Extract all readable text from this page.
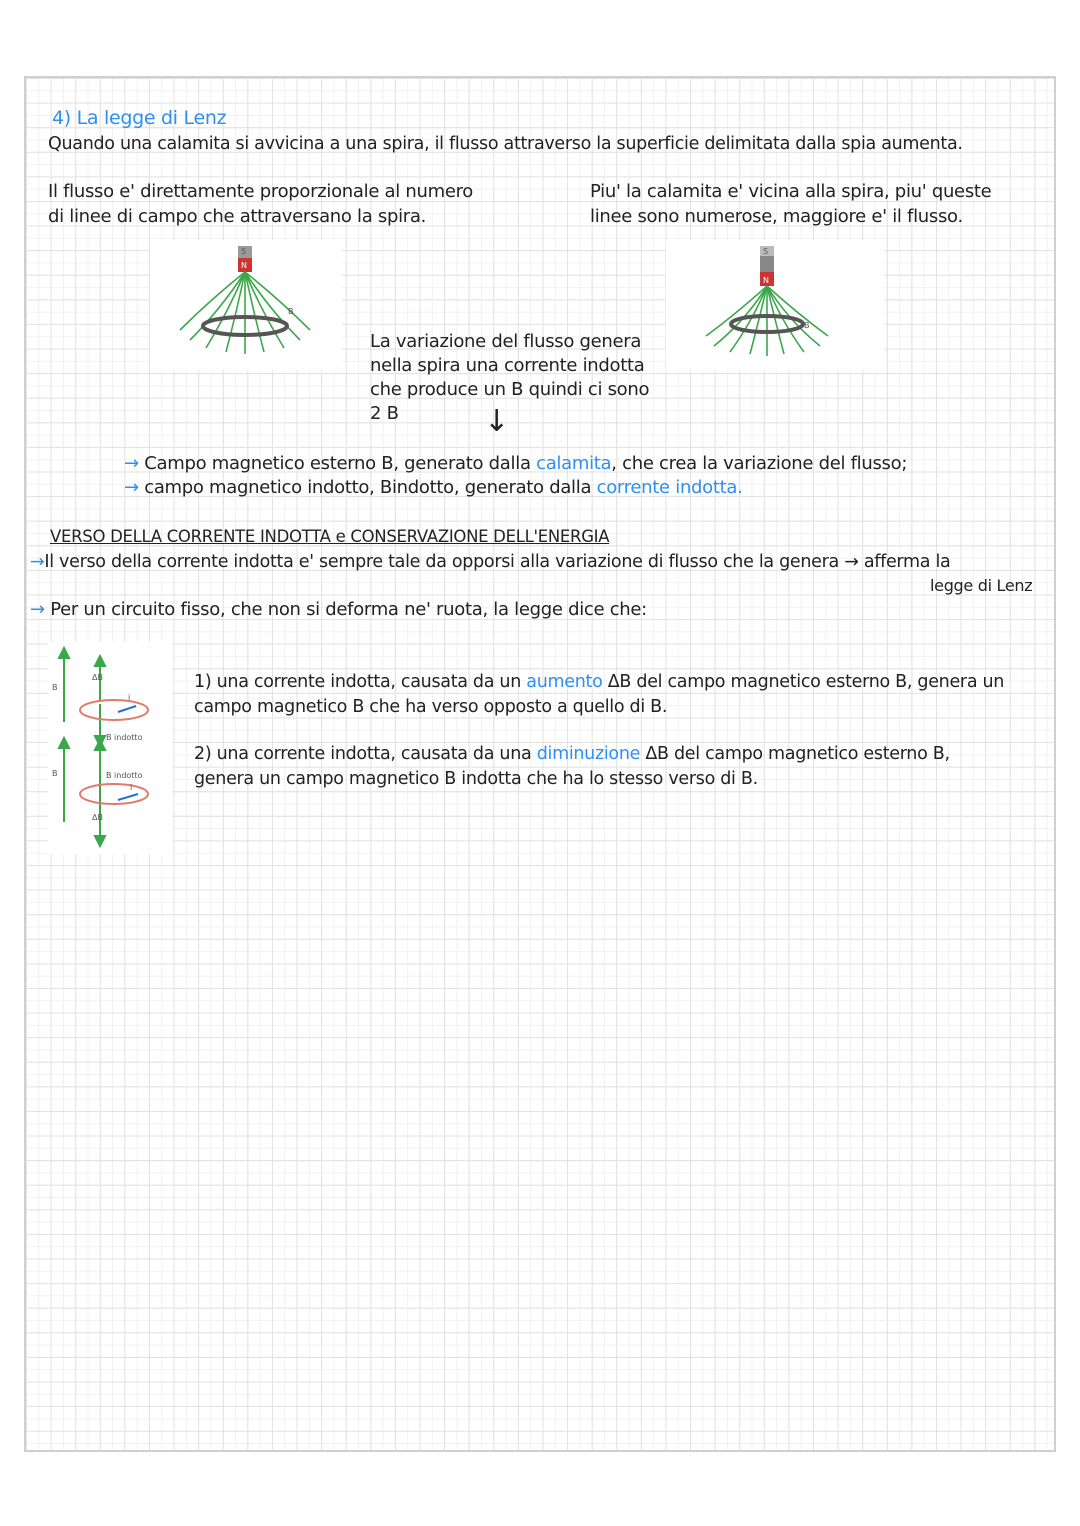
4) La legge di Lenz
Quando una calamita si avvicina a una spira, il flusso attraverso la superficie delimitata dalla spia aumenta.
Il flusso e' direttamente proporzionale al numero
di linee di campo che attraversano la spira.
Piu' la calamita e' vicina alla spira, piu' queste
linee sono numerose, maggiore e' il flusso.
S
N
B
S
N
B
La variazione del flusso genera
nella spira una corrente indotta
che produce un B quindi ci sono
2 B	↓
→ Campo magnetico esterno B, generato dalla calamita, che crea la variazione del flusso;
→ campo magnetico indotto, Bindotto, generato dalla corrente indotta.
VERSO DELLA CORRENTE INDOTTA e CONSERVAZIONE DELL'ENERGIA
→Il verso della corrente indotta e' sempre tale da opporsi alla variazione di flusso che la genera → afferma la
legge di Lenz
→ Per un circuito fisso, che non si deforma ne' ruota, la legge dice che:
B
ΔB
i
B indotto
B	B indotto
i
ΔB
1) una corrente indotta, causata da un aumento ΔB del campo magnetico esterno B, genera un
campo magnetico B che ha verso opposto a quello di B.
2) una corrente indotta, causata da una diminuzione ΔB del campo magnetico esterno B,
genera un campo magnetico B indotta che ha lo stesso verso di B.
